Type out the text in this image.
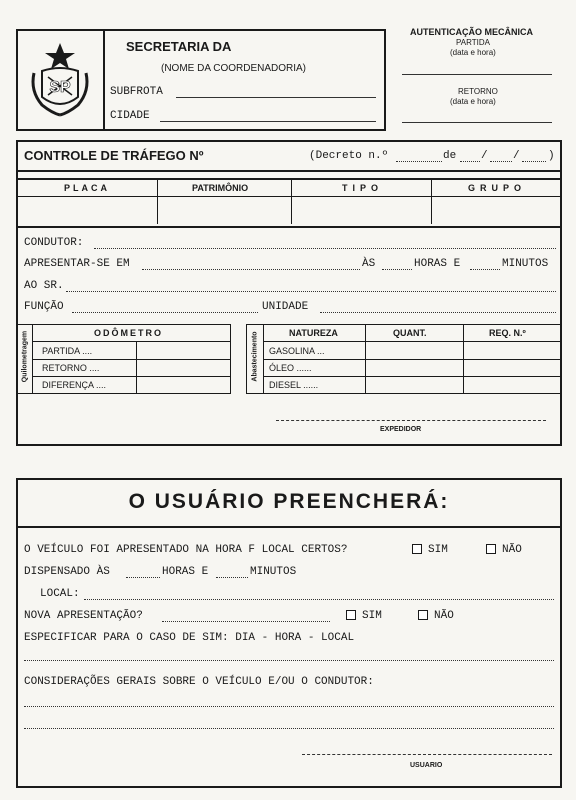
SP
SECRETARIA DA
(NOME DA COORDENADORIA)
SUBFROTA
CIDADE
AUTENTICAÇÃO MECÂNICA
PARTIDA
(data e hora)
RETORNO
(data e hora)
CONTROLE DE TRÁFEGO Nº	(Decreto n.º	de / /	)
PLACA	PATRIMÔNIO	TIPO	GRUPO
CONDUTOR:
APRESENTAR-SE EM	ÀS	HORAS E	MINUTOS
AO SR.
FUNÇÃO	UNIDADE
Quilometragem	ODÔMETRO
PARTIDA ....
RETORNO ....
DIFERENÇA ....
Abastecimento	NATUREZA	QUANT.	REQ. N.º
GASOLINA ...
ÓLEO ......
DIESEL ......
EXPEDIDOR
O USUÁRIO PREENCHERÁ:
O VEÍCULO FOI APRESENTADO NA HORA F LOCAL CERTOS?	SIM	NÃO
DISPENSADO ÀS	HORAS E	MINUTOS
LOCAL:
NOVA APRESENTAÇÃO?	SIM	NÃO
ESPECIFICAR PARA O CASO DE SIM: DIA - HORA - LOCAL
CONSIDERAÇÕES GERAIS SOBRE O VEÍCULO E/OU O CONDUTOR:
USUARIO
